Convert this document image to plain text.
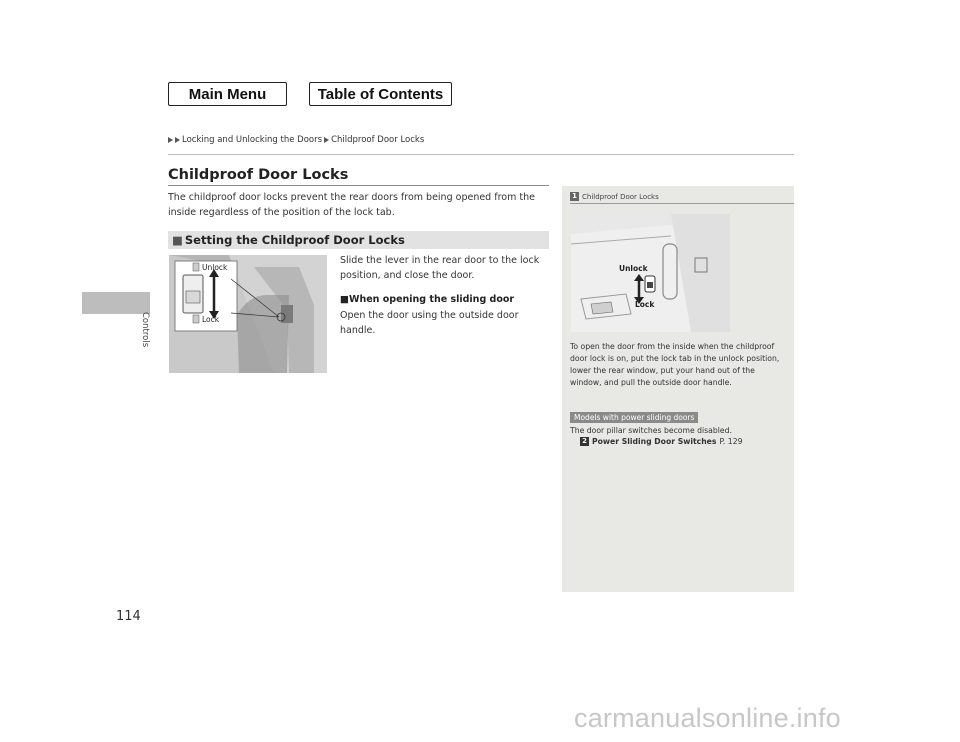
Main Menu	Table of Contents
Locking and Unlocking the Doors Childproof Door Locks
114
Controls
Childproof Door Locks
The childproof door locks prevent the rear doors from being opened from the inside regardless of the position of the lock tab.
■ Setting the Childproof Door Locks
Unlock
Lock
Slide the lever in the rear door to the lock position, and close the door.
■When opening the sliding door
Open the door using the outside door handle.
1 Childproof Door Locks
Unlock
Lock
To open the door from the inside when the childproof door lock is on, put the lock tab in the unlock position, lower the rear window, put your hand out of the window, and pull the outside door handle.
Models with power sliding doors
The door pillar switches become disabled.
2 Power Sliding Door Switches P. 129
carmanualsonline.info
